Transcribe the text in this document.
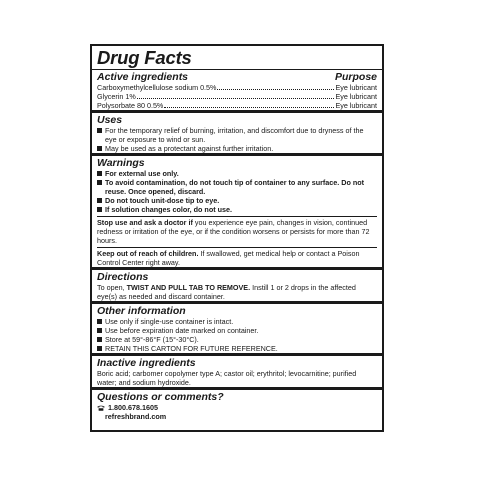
Drug Facts
Active ingredients	Purpose
Carboxymethylcellulose sodium 0.5%	Eye lubricant
Glycerin 1%	Eye lubricant
Polysorbate 80 0.5%	Eye lubricant
Uses
For the temporary relief of burning, irritation, and discomfort due to dryness of the eye or exposure to wind or sun.
May be used as a protectant against further irritation.
Warnings
For external use only.
To avoid contamination, do not touch tip of container to any surface. Do not reuse. Once opened, discard.
Do not touch unit-dose tip to eye.
If solution changes color, do not use.
Stop use and ask a doctor if you experience eye pain, changes in vision, continued redness or irritation of the eye, or if the condition worsens or persists for more than 72 hours.
Keep out of reach of children. If swallowed, get medical help or contact a Poison Control Center right away.
Directions
To open, TWIST AND PULL TAB TO REMOVE. Instill 1 or 2 drops in the affected eye(s) as needed and discard container.
Other information
Use only if single-use container is intact.
Use before expiration date marked on container.
Store at 59°-86°F (15°-30°C).
RETAIN THIS CARTON FOR FUTURE REFERENCE.
Inactive ingredients
Boric acid; carbomer copolymer type A; castor oil; erythritol; levocarnitine; purified water; and sodium hydroxide.
Questions or comments?
1.800.678.1605
refreshbrand.com
